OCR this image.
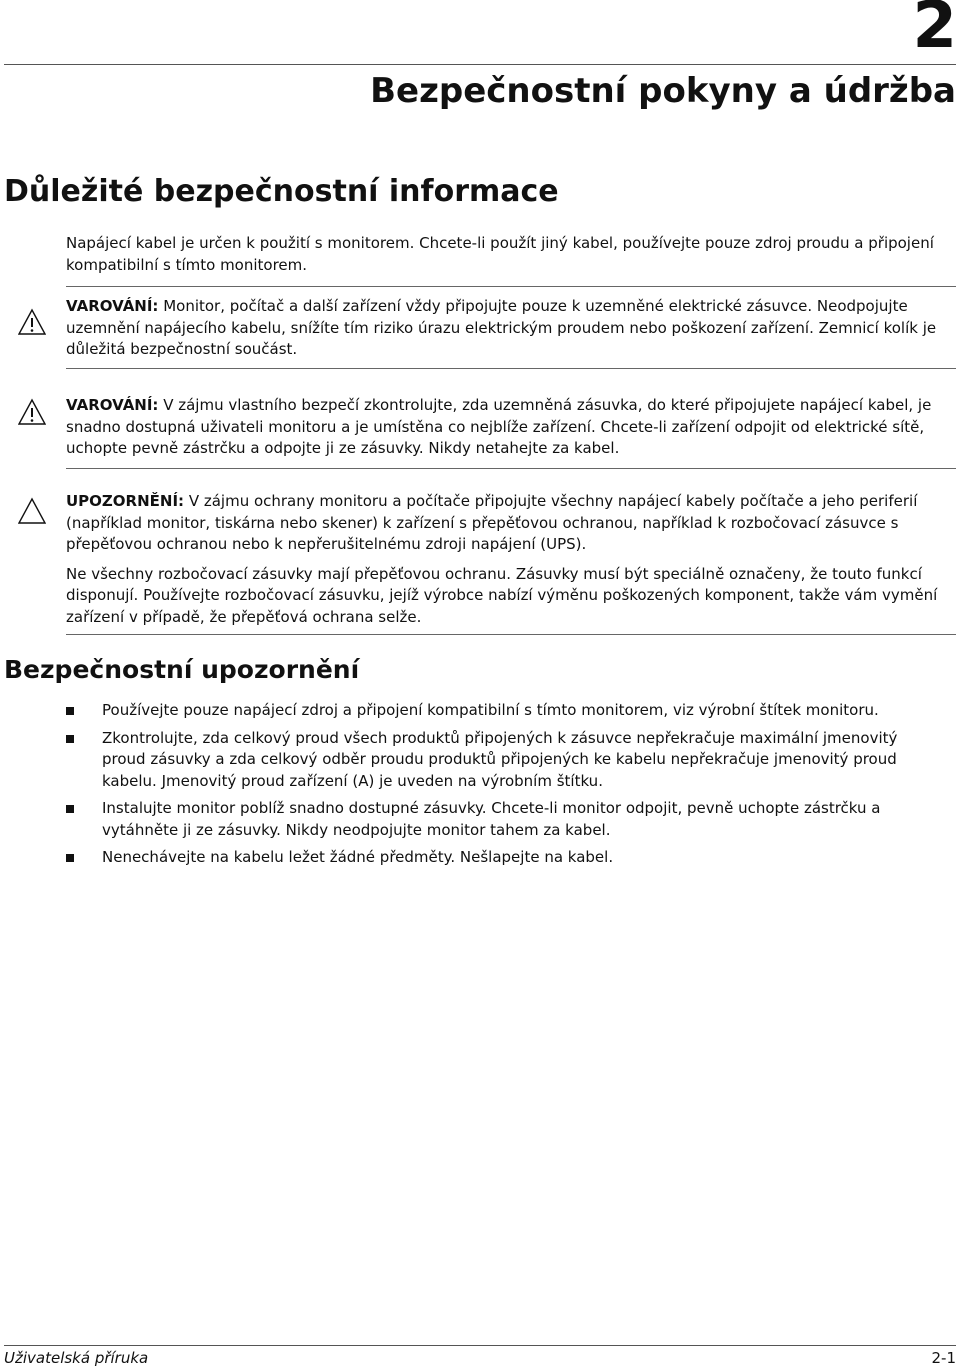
2
Bezpečnostní pokyny a údržba
Důležité bezpečnostní informace

Napájecí kabel je určen k použití s monitorem. Chcete-li použít jiný kabel, používejte pouze zdroj proudu a připojení kompatibilní s tímto monitorem.

VAROVÁNÍ: Monitor, počítač a další zařízení vždy připojujte pouze k uzemněné elektrické zásuvce. Neodpojujte uzemnění napájecího kabelu, snížíte tím riziko úrazu elektrickým proudem nebo poškození zařízení. Zemnicí kolík je důležitá bezpečnostní součást.

VAROVÁNÍ: V zájmu vlastního bezpečí zkontrolujte, zda uzemněná zásuvka, do které připojujete napájecí kabel, je snadno dostupná uživateli monitoru a je umístěna co nejblíže zařízení. Chcete-li zařízení odpojit od elektrické sítě, uchopte pevně zástrčku a odpojte ji ze zásuvky. Nikdy netahejte za kabel.

UPOZORNĚNÍ: V zájmu ochrany monitoru a počítače připojujte všechny napájecí kabely počítače a jeho periferií (například monitor, tiskárna nebo skener) k zařízení s přepěťovou ochranou, například k rozbočovací zásuvce s přepěťovou ochranou nebo k nepřerušitelnému zdroji napájení (UPS).

Ne všechny rozbočovací zásuvky mají přepěťovou ochranu. Zásuvky musí být speciálně označeny, že touto funkcí disponují. Používejte rozbočovací zásuvku, jejíž výrobce nabízí výměnu poškozených komponent, takže vám vymění zařízení v případě, že přepěťová ochrana selže.

Bezpečnostní upozornění
Používejte pouze napájecí zdroj a připojení kompatibilní s tímto monitorem, viz výrobní štítek monitoru.
Zkontrolujte, zda celkový proud všech produktů připojených k zásuvce nepřekračuje maximální jmenovitý proud zásuvky a zda celkový odběr proudu produktů připojených ke kabelu nepřekračuje jmenovitý proud kabelu. Jmenovitý proud zařízení (A) je uveden na výrobním štítku.
Instalujte monitor poblíž snadno dostupné zásuvky. Chcete-li monitor odpojit, pevně uchopte zástrčku a vytáhněte ji ze zásuvky. Nikdy neodpojujte monitor tahem za kabel.
Nenechávejte na kabelu ležet žádné předměty. Nešlapejte na kabel.
Uživatelská příruka	2-1
